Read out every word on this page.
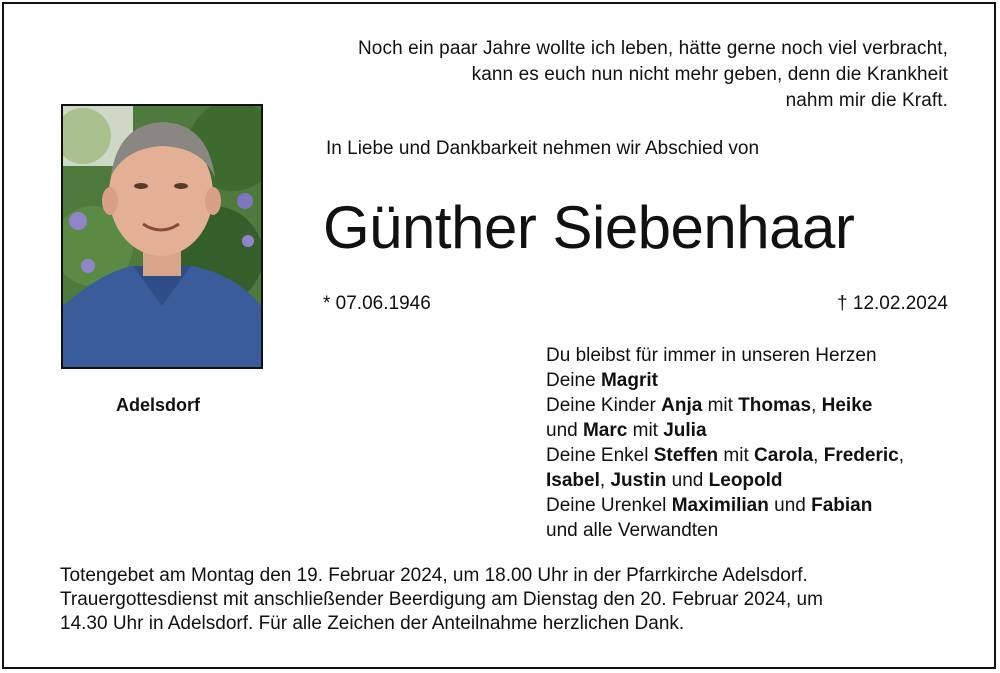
Noch ein paar Jahre wollte ich leben, hätte gerne noch viel verbracht,
kann es euch nun nicht mehr geben, denn die Krankheit
nahm mir die Kraft.
In Liebe und Dankbarkeit nehmen wir Abschied von
Günther Siebenhaar
* 07.06.1946	† 12.02.2024
Adelsdorf
Du bleibst für immer in unseren Herzen
Deine Magrit
Deine Kinder Anja mit Thomas, Heike
und Marc mit Julia
Deine Enkel Steffen mit Carola, Frederic,
Isabel, Justin und Leopold
Deine Urenkel Maximilian und Fabian
und alle Verwandten
Totengebet am Montag den 19. Februar 2024, um 18.00 Uhr in der Pfarrkirche Adelsdorf.
Trauergottesdienst mit anschließender Beerdigung am Dienstag den 20. Februar 2024, um
14.30 Uhr in Adelsdorf. Für alle Zeichen der Anteilnahme herzlichen Dank.
